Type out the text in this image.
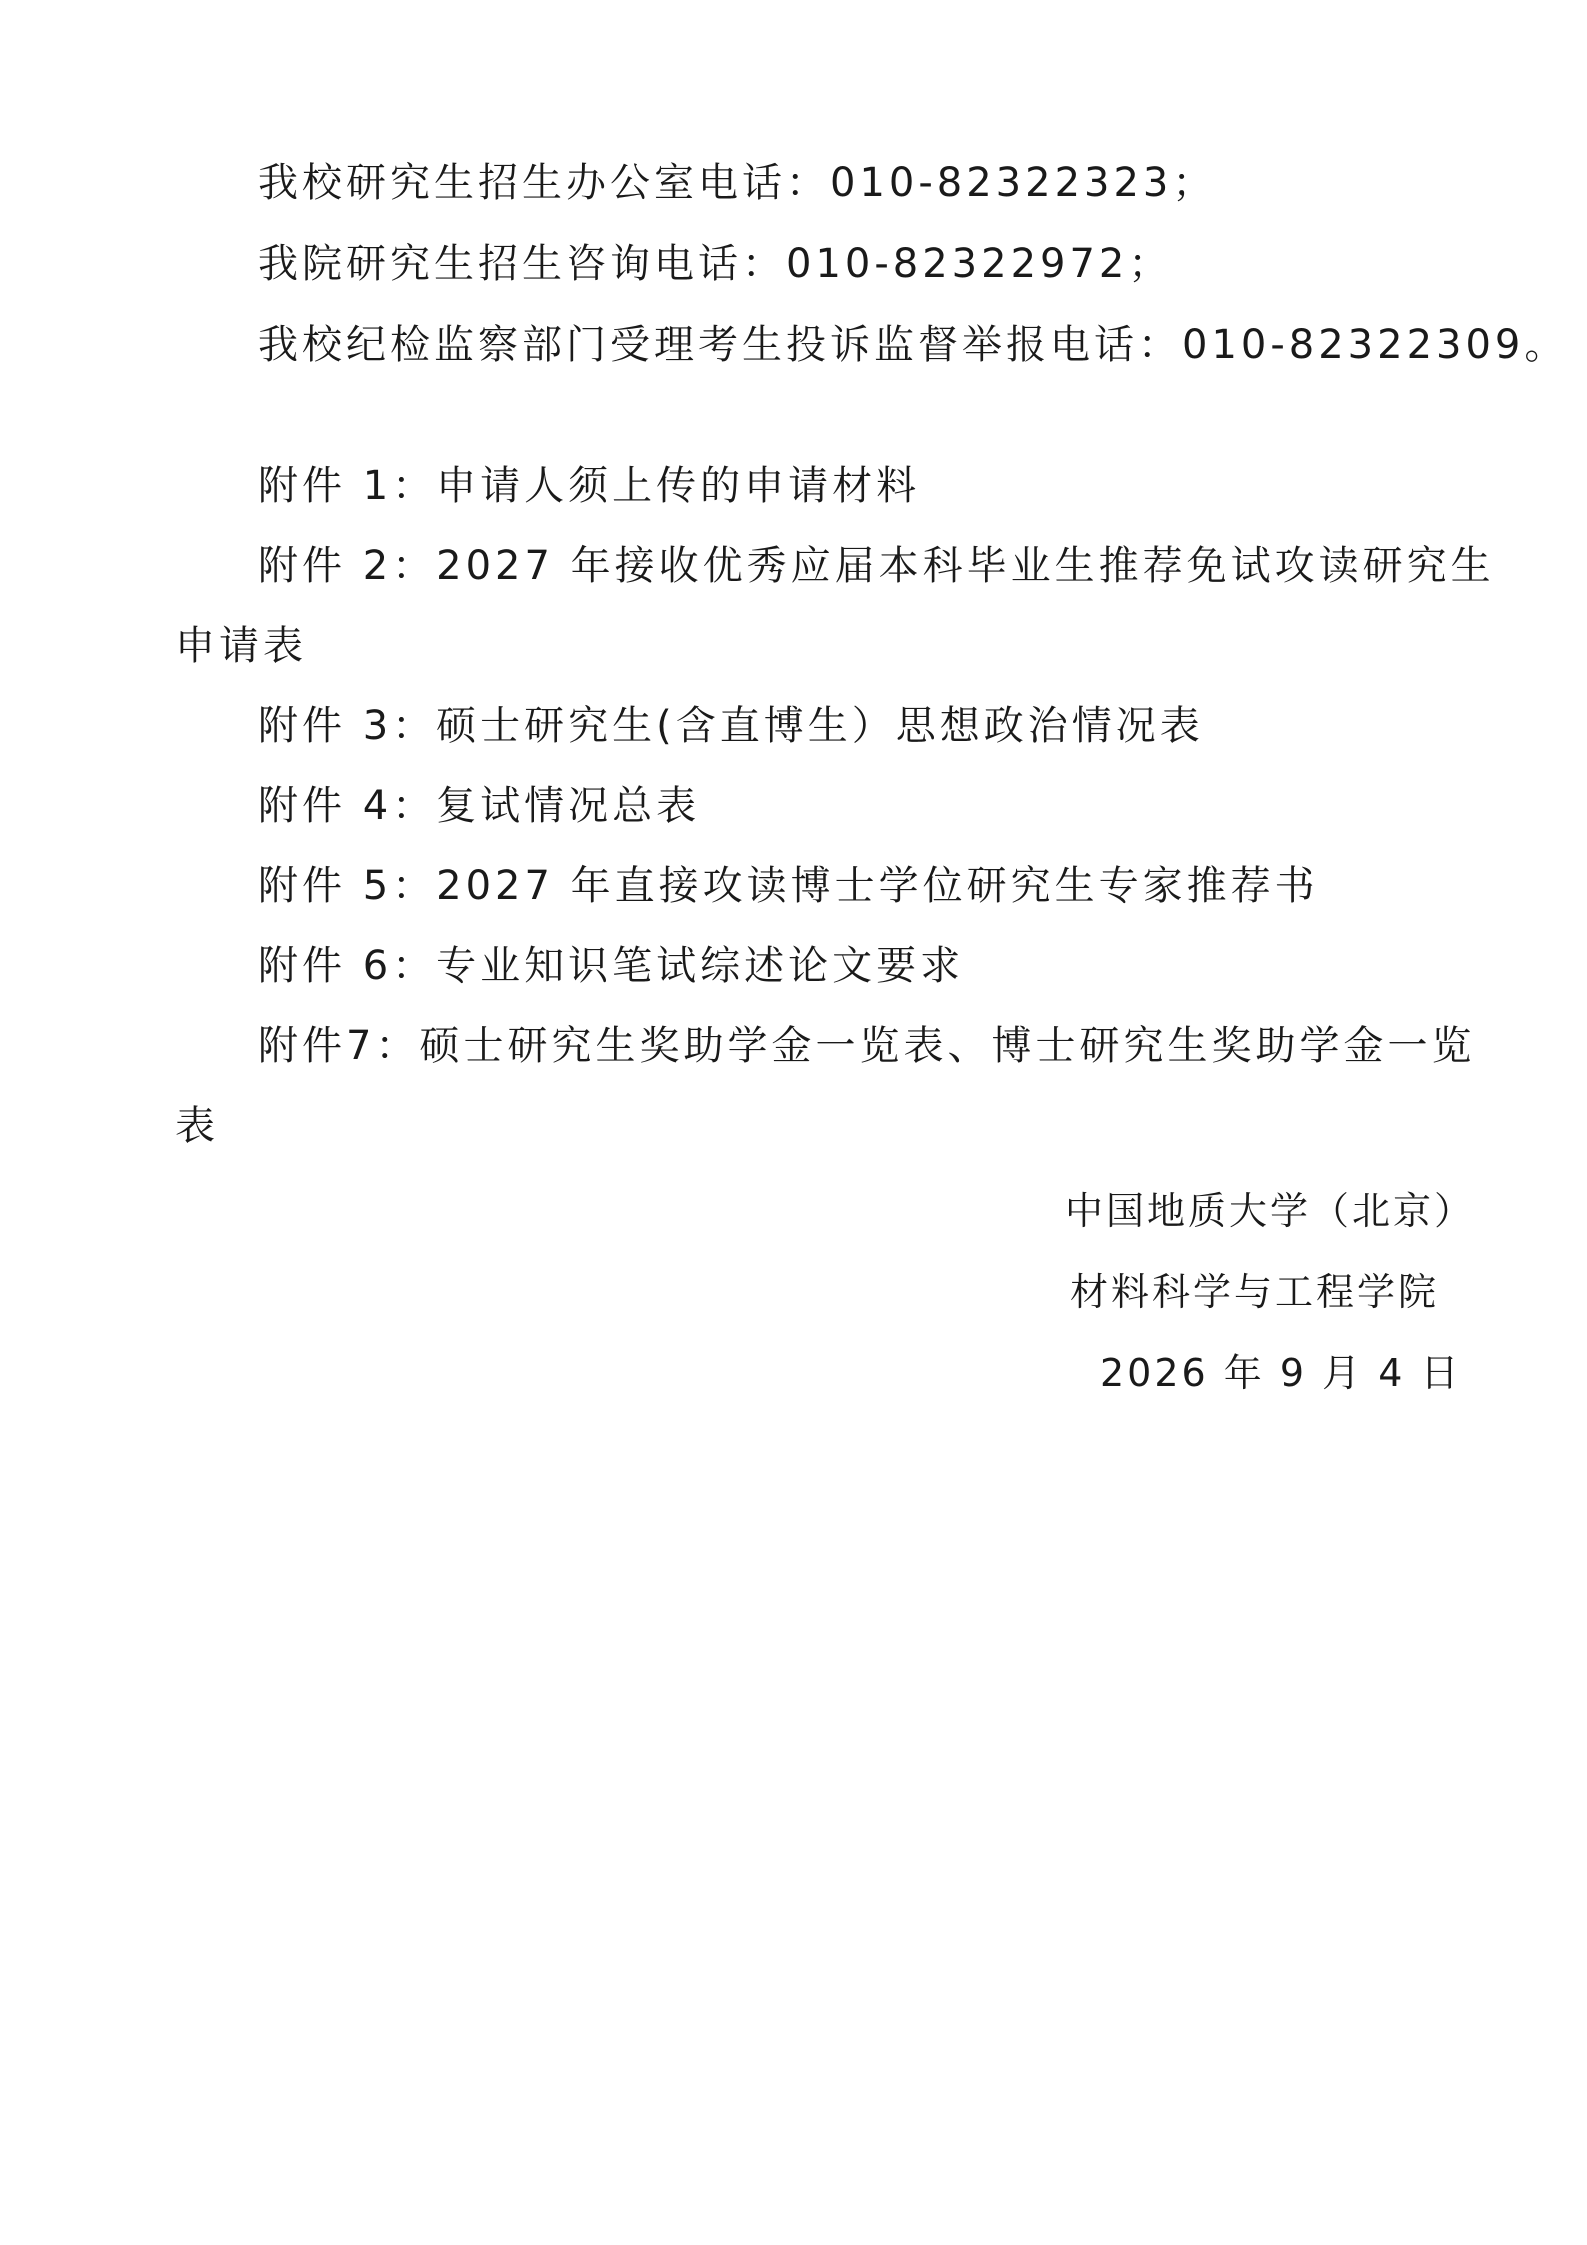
我校研究生招生办公室电话：010-82322323；
我院研究生招生咨询电话：010-82322972；
我校纪检监察部门受理考生投诉监督举报电话：010-82322309。
附件 1：申请人须上传的申请材料
附件 2：2027 年接收优秀应届本科毕业生推荐免试攻读研究生
申请表
附件 3：硕士研究生(含直博生）思想政治情况表
附件 4：复试情况总表
附件 5：2027 年直接攻读博士学位研究生专家推荐书
附件 6：专业知识笔试综述论文要求
附件7：硕士研究生奖助学金一览表、博士研究生奖助学金一览
表
中国地质大学（北京）
材料科学与工程学院
2026 年 9 月 4 日
